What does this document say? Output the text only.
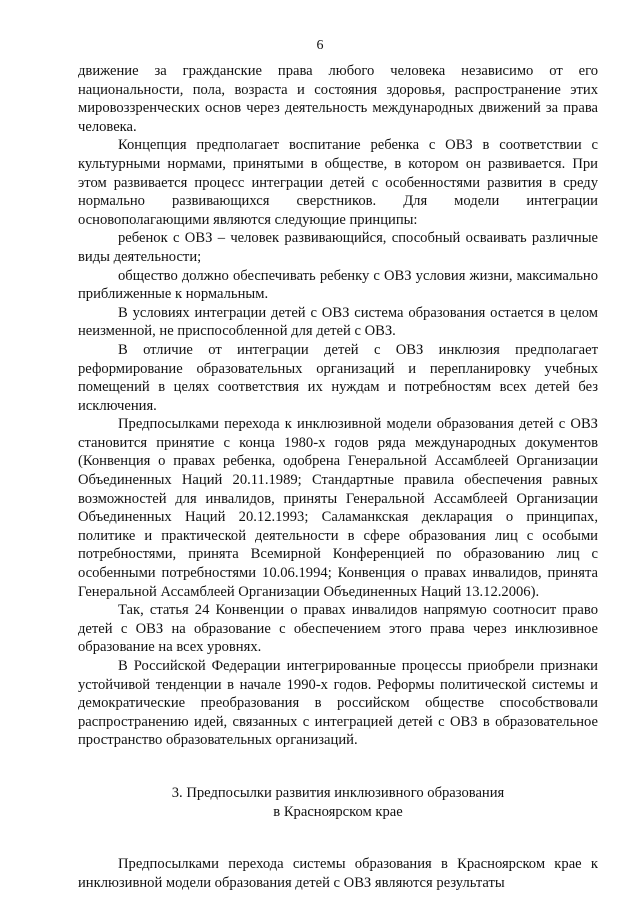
6

движение за гражданские права любого человека независимо от его национальности, пола, возраста и состояния здоровья, распространение этих мировоззренческих основ через деятельность международных движений за права человека.

Концепция предполагает воспитание ребенка с ОВЗ в соответствии с культурными нормами, принятыми в обществе, в котором он развивается. При этом развивается процесс интеграции детей с особенностями развития в среду нормально развивающихся сверстников. Для модели интеграции основополагающими являются следующие принципы:

ребенок с ОВЗ – человек развивающийся, способный осваивать различные виды деятельности;

общество должно обеспечивать ребенку с ОВЗ условия жизни, максимально приближенные к нормальным.

В условиях интеграции детей с ОВЗ система образования остается в целом неизменной, не приспособленной для детей с ОВЗ.

В отличие от интеграции детей с ОВЗ инклюзия предполагает реформирование образовательных организаций и перепланировку учебных помещений в целях соответствия их нуждам и потребностям всех детей без исключения.

Предпосылками перехода к инклюзивной модели образования детей с ОВЗ становится принятие с конца 1980-х годов ряда международных документов (Конвенция о правах ребенка, одобрена Генеральной Ассамблеей Организации Объединенных Наций 20.11.1989; Стандартные правила обеспечения равных возможностей для инвалидов, приняты Генеральной Ассамблеей Организации Объединенных Наций 20.12.1993; Саламанкская декларация о принципах, политике и практической деятельности в сфере образования лиц с особыми потребностями, принята Всемирной Конференцией по образованию лиц с особенными потребностями 10.06.1994; Конвенция о правах инвалидов, принята Генеральной Ассамблеей Организации Объединенных Наций 13.12.2006).

Так, статья 24 Конвенции о правах инвалидов напрямую соотносит право детей с ОВЗ на образование с обеспечением этого права через инклюзивное образование на всех уровнях.

В Российской Федерации интегрированные процессы приобрели признаки устойчивой тенденции в начале 1990-х годов. Реформы политической системы и демократические преобразования в российском обществе способствовали распространению идей, связанных с интеграцией детей с ОВЗ в образовательное пространство образовательных организаций.

3. Предпосылки развития инклюзивного образования
в Красноярском крае

Предпосылками перехода системы образования в Красноярском крае к инклюзивной модели образования детей с ОВЗ являются результаты
